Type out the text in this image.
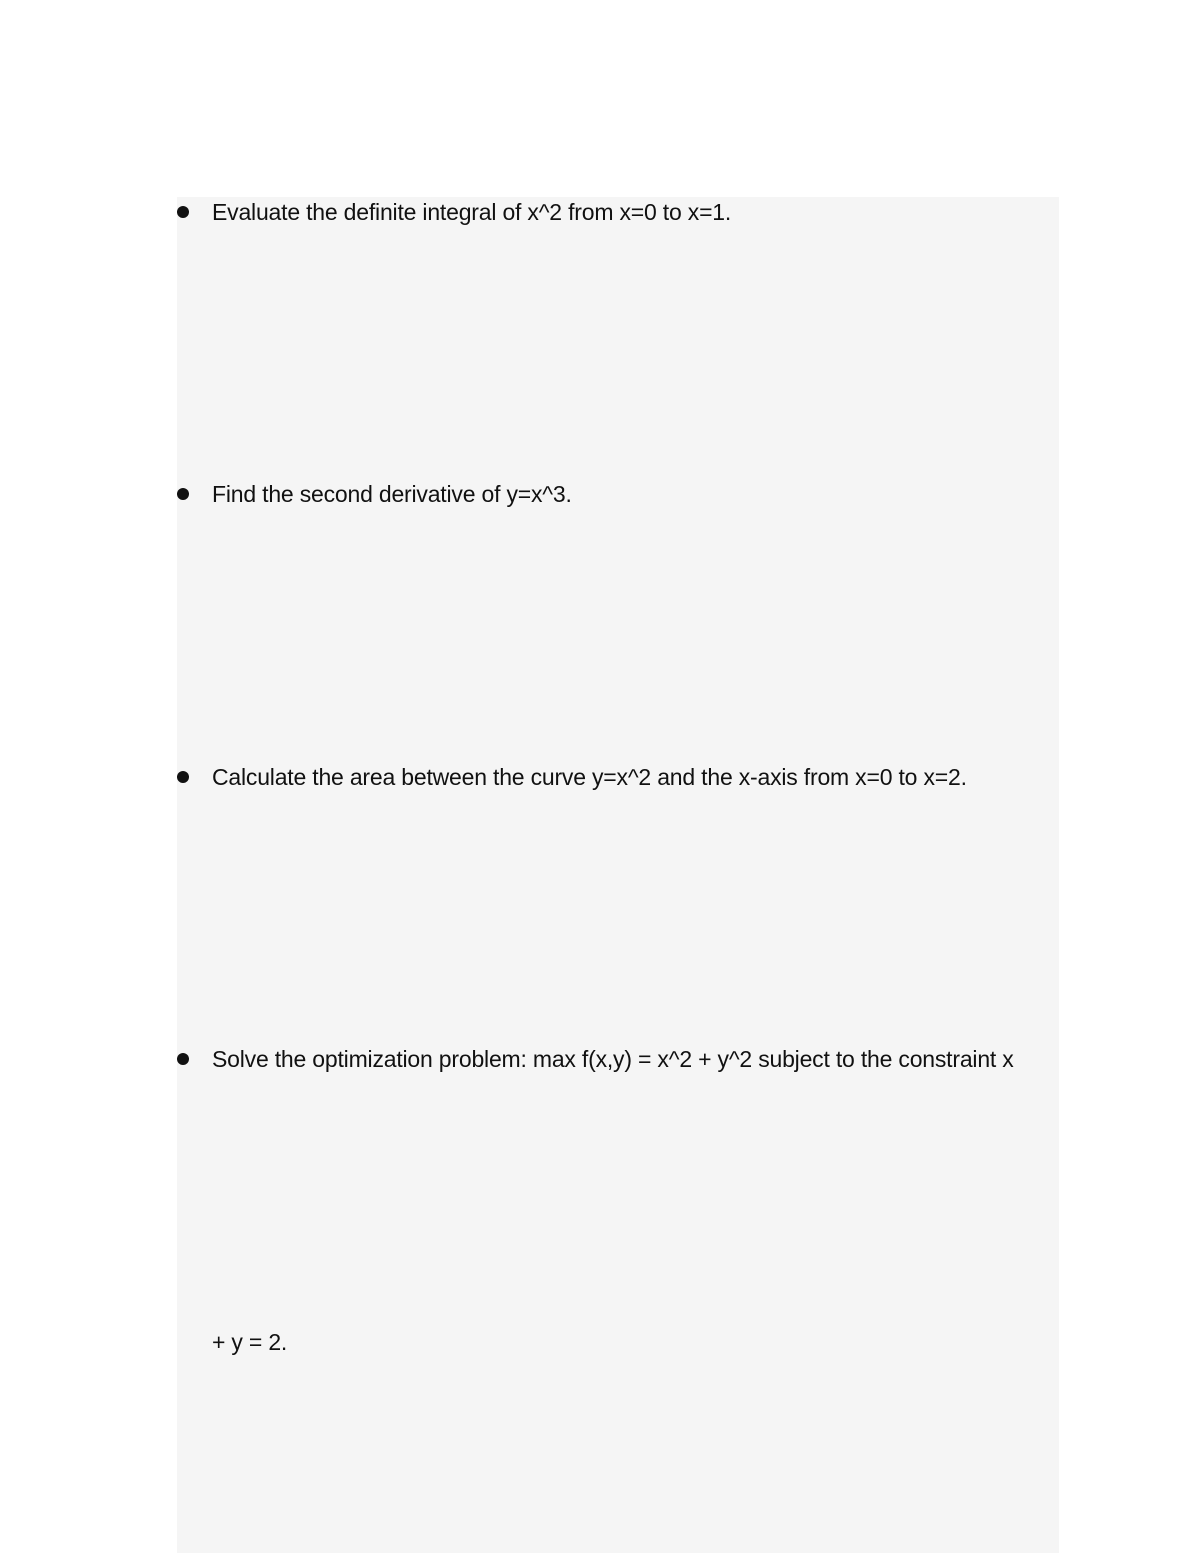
Evaluate the definite integral of x^2 from x=0 to x=1.
Find the second derivative of y=x^3.
Calculate the area between the curve y=x^2 and the x-axis from x=0 to x=2.
Solve the optimization problem: max f(x,y) = x^2 + y^2 subject to the constraint x
+ y = 2.
